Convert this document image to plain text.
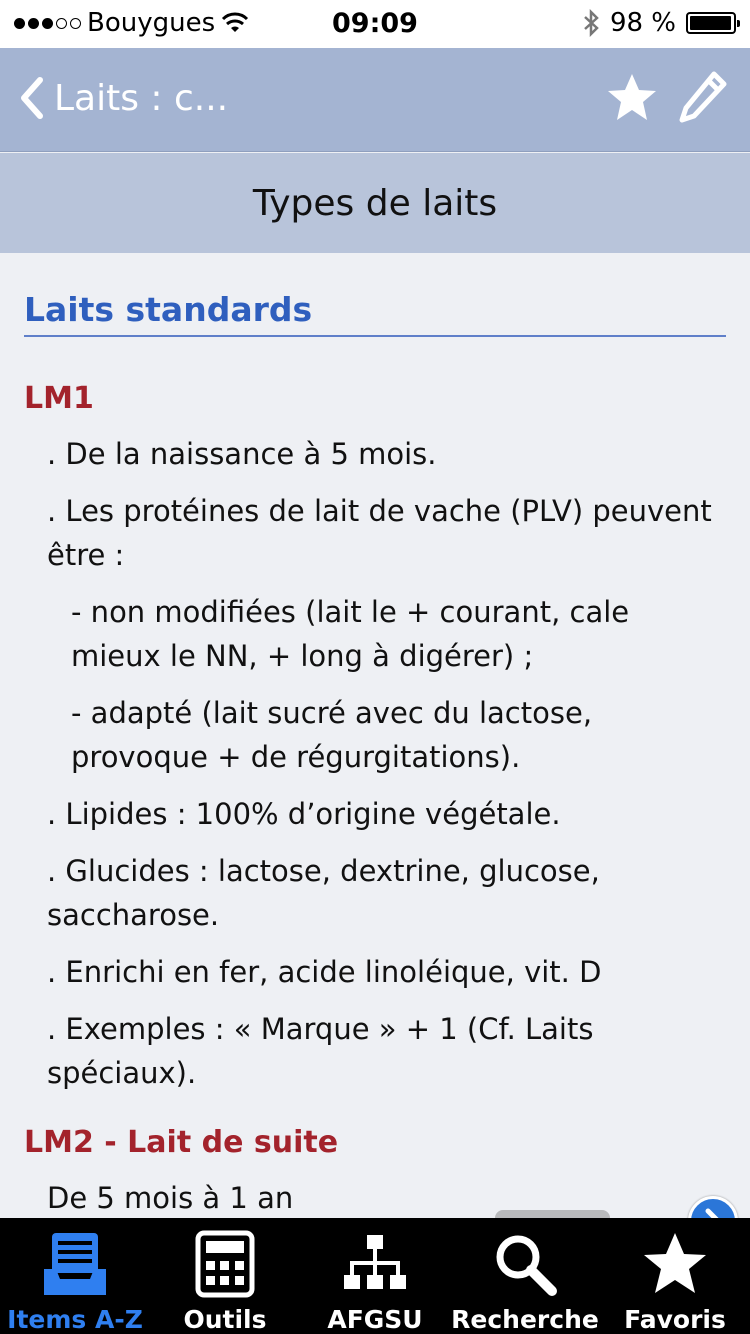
Bouygues	09:09	98 %
Laits : c...
Types de laits
Laits standards
LM1
. De la naissance à 5 mois.
. Les protéines de lait de vache (PLV) peuvent être :
- non modifiées (lait le + courant, cale mieux le NN, + long à digérer) ;
- adapté (lait sucré avec du lactose, provoque + de régurgitations).
. Lipides : 100% d’origine végétale.
. Glucides : lactose, dextrine, glucose, saccharose.
. Enrichi en fer, acide linoléique, vit. D
. Exemples : « Marque » + 1 (Cf. Laits spéciaux).
LM2 - Lait de suite
De 5 mois à 1 an
Items A-Z Outils AFGSU Recherche Favoris
